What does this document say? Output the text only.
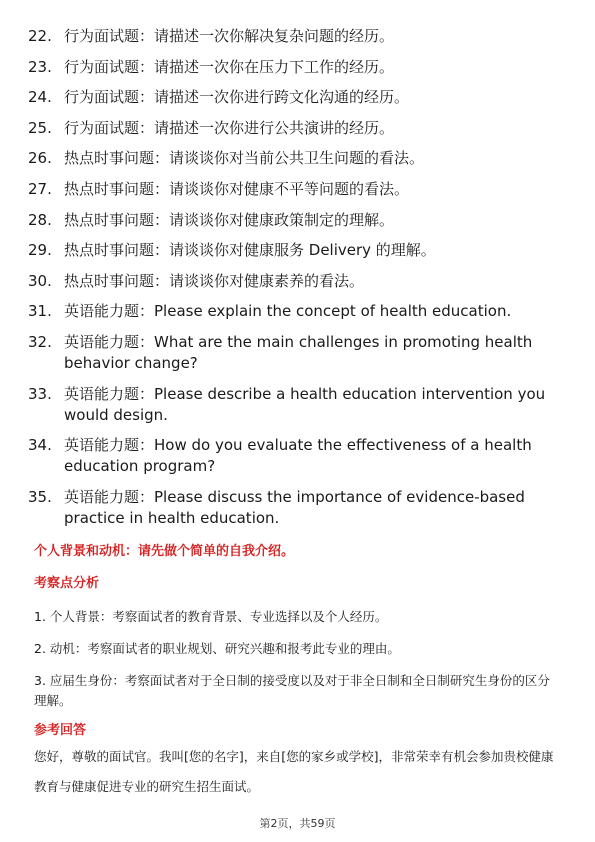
22. 行为面试题：请描述一次你解决复杂问题的经历。
23. 行为面试题：请描述一次你在压力下工作的经历。
24. 行为面试题：请描述一次你进行跨文化沟通的经历。
25. 行为面试题：请描述一次你进行公共演讲的经历。
26. 热点时事问题：请谈谈你对当前公共卫生问题的看法。
27. 热点时事问题：请谈谈你对健康不平等问题的看法。
28. 热点时事问题：请谈谈你对健康政策制定的理解。
29. 热点时事问题：请谈谈你对健康服务 Delivery 的理解。
30. 热点时事问题：请谈谈你对健康素养的看法。
31. 英语能力题：Please explain the concept of health education.
32. 英语能力题：What are the main challenges in promoting health behavior change?
33. 英语能力题：Please describe a health education intervention you would design.
34. 英语能力题：How do you evaluate the effectiveness of a health education program?
35. 英语能力题：Please discuss the importance of evidence-based practice in health education.
个人背景和动机：请先做个简单的自我介绍。
考察点分析
1. 个人背景：考察面试者的教育背景、专业选择以及个人经历。
2. 动机：考察面试者的职业规划、研究兴趣和报考此专业的理由。
3. 应届生身份：考察面试者对于全日制的接受度以及对于非全日制和全日制研究生身份的区分理解。
参考回答
您好，尊敬的面试官。我叫[您的名字]，来自[您的家乡或学校]，非常荣幸有机会参加贵校健康教育与健康促进专业的研究生招生面试。
第2页，共59页
